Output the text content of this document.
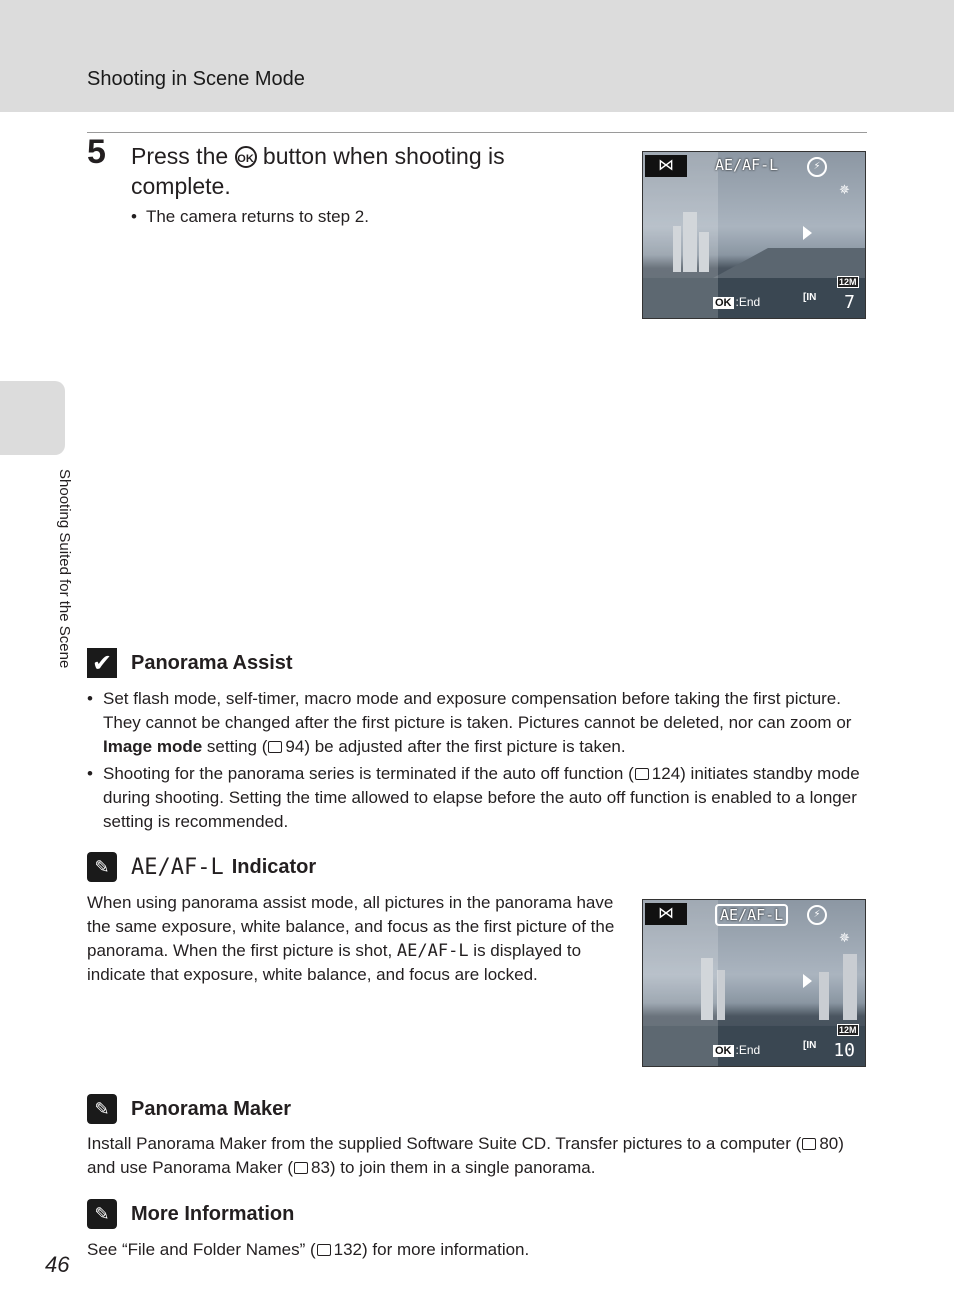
Shooting in Scene Mode
Shooting Suited for the Scene
5 Press the OK button when shooting is complete.
• The camera returns to step 2.
⋈	AE/AF-L	⚡
✵
12M
OK :End	[IN 7
✔ Panorama Assist
• Set flash mode, self-timer, macro mode and exposure compensation before taking the first picture. They cannot be changed after the first picture is taken. Pictures cannot be deleted, nor can zoom or Image mode setting ( 94) be adjusted after the first picture is taken.
• Shooting for the panorama series is terminated if the auto off function ( 124) initiates standby mode during shooting. Setting the time allowed to elapse before the auto off function is enabled to a longer setting is recommended.
✎ AE/AF-L Indicator
When using panorama assist mode, all pictures in the panorama have the same exposure, white balance, and focus as the first picture of the panorama. When the first picture is shot, AE/AF-L is displayed to indicate that exposure, white balance, and focus are locked.
⋈	AE/AF-L	⚡
✵
12M
OK :End	[IN 10
✎	Panorama Maker
Install Panorama Maker from the supplied Software Suite CD. Transfer pictures to a computer ( 80) and use Panorama Maker ( 83) to join them in a single panorama.
✎	More Information
See “File and Folder Names” ( 132) for more information.
46
